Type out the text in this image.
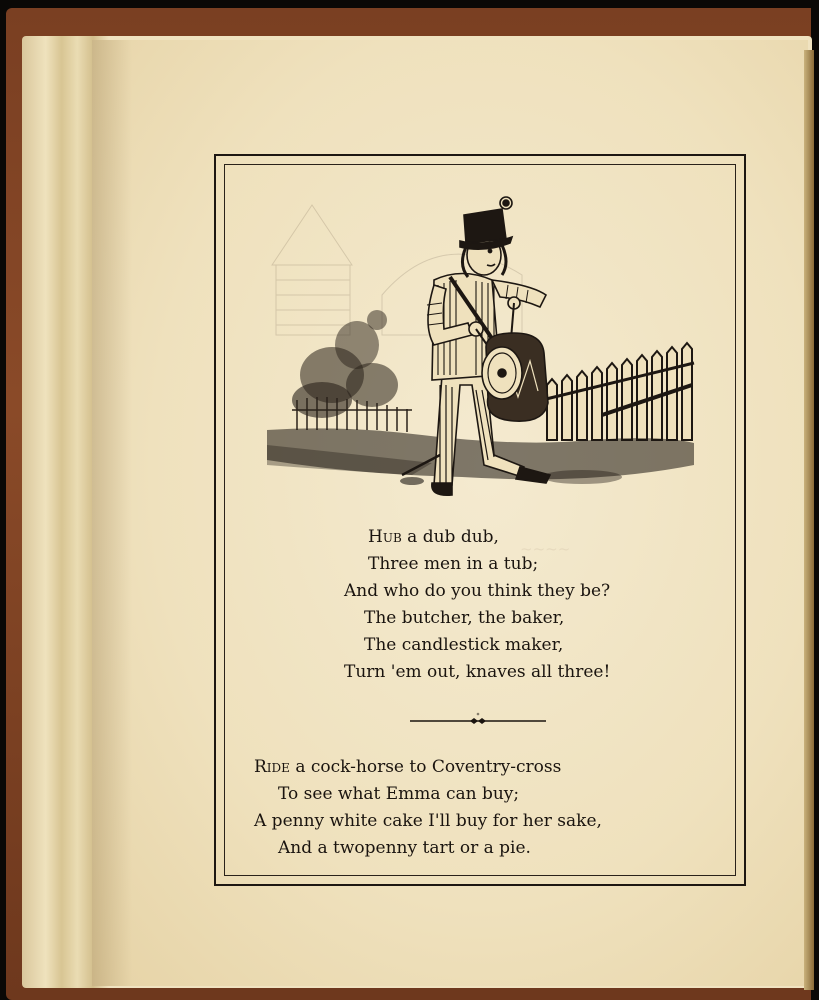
~~~~
Hub a dub dub,
Three men in a tub;
And who do you think they be?
The butcher, the baker,
The candlestick maker,
Turn 'em out, knaves all three!
Ride a cock-horse to Coventry-cross
To see what Emma can buy;
A penny white cake I'll buy for her sake,
And a twopenny tart or a pie.
